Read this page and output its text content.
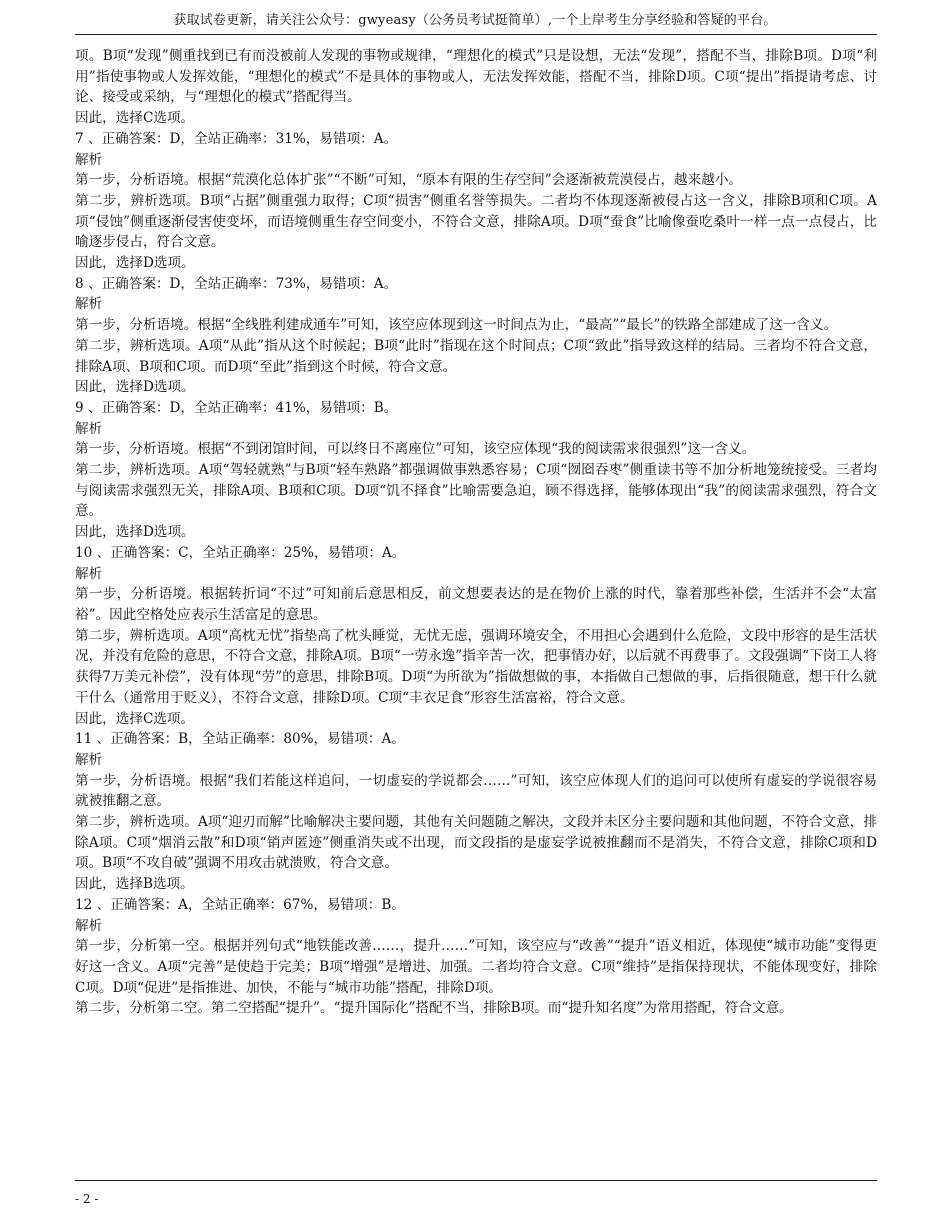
获取试卷更新，请关注公众号：gwyeasy（公务员考试挺简单）,一个上岸考生分享经验和答疑的平台。

项。B项“发现”侧重找到已有而没被前人发现的事物或规律，“理想化的模式”只是设想，无法“发现”，搭配不当，排除B项。D项“利用”指使事物或人发挥效能，“理想化的模式”不是具体的事物或人，无法发挥效能，搭配不当，排除D项。C项“提出”指提请考虑、讨论、接受或采纳，与“理想化的模式”搭配得当。

因此，选择C选项。

7 、正确答案：D，全站正确率：31%，易错项：A。

解析

第一步，分析语境。根据“荒漠化总体扩张”“不断”可知，“原本有限的生存空间”会逐渐被荒漠侵占，越来越小。

第二步，辨析选项。B项“占据”侧重强力取得；C项“损害”侧重名誉等损失。二者均不体现逐渐被侵占这一含义，排除B项和C项。A项“侵蚀”侧重逐渐侵害使变坏，而语境侧重生存空间变小，不符合文意，排除A项。D项“蚕食”比喻像蚕吃桑叶一样一点一点侵占，比喻逐步侵占，符合文意。

因此，选择D选项。

8 、正确答案：D，全站正确率：73%，易错项：A。

解析

第一步，分析语境。根据“全线胜利建成通车”可知，该空应体现到这一时间点为止，“最高”“最长”的铁路全部建成了这一含义。

第二步，辨析选项。A项“从此”指从这个时候起；B项“此时”指现在这个时间点；C项“致此”指导致这样的结局。三者均不符合文意，排除A项、B项和C项。而D项“至此”指到这个时候，符合文意。

因此，选择D选项。

9 、正确答案：D，全站正确率：41%，易错项：B。

解析

第一步，分析语境。根据“不到闭馆时间，可以终日不离座位”可知，该空应体现“我的阅读需求很强烈”这一含义。

第二步，辨析选项。A项“驾轻就熟”与B项“轻车熟路”都强调做事熟悉容易；C项“囫囵吞枣”侧重读书等不加分析地笼统接受。三者均与阅读需求强烈无关，排除A项、B项和C项。D项“饥不择食”比喻需要急迫，顾不得选择，能够体现出“我”的阅读需求强烈，符合文意。

因此，选择D选项。

10 、正确答案：C，全站正确率：25%，易错项：A。

解析

第一步，分析语境。根据转折词“不过”可知前后意思相反，前文想要表达的是在物价上涨的时代，靠着那些补偿，生活并不会“太富裕”。因此空格处应表示生活富足的意思。

第二步，辨析选项。A项“高枕无忧”指垫高了枕头睡觉，无忧无虑，强调环境安全，不用担心会遇到什么危险，文段中形容的是生活状况，并没有危险的意思，不符合文意，排除A项。B项“一劳永逸”指辛苦一次，把事情办好，以后就不再费事了。文段强调“下岗工人将获得7万美元补偿”，没有体现“劳”的意思，排除B项。D项“为所欲为”指做想做的事，本指做自己想做的事，后指很随意，想干什么就干什么（通常用于贬义），不符合文意，排除D项。C项“丰衣足食”形容生活富裕，符合文意。

因此，选择C选项。

11 、正确答案：B，全站正确率：80%，易错项：A。

解析

第一步，分析语境。根据“我们若能这样追问，一切虚妄的学说都会……”可知，该空应体现人们的追问可以使所有虚妄的学说很容易就被推翻之意。

第二步，辨析选项。A项“迎刃而解”比喻解决主要问题，其他有关问题随之解决，文段并未区分主要问题和其他问题，不符合文意，排除A项。C项“烟消云散”和D项“销声匿迹”侧重消失或不出现，而文段指的是虚妄学说被推翻而不是消失，不符合文意，排除C项和D项。B项“不攻自破”强调不用攻击就溃败，符合文意。

因此，选择B选项。

12 、正确答案：A，全站正确率：67%，易错项：B。

解析

第一步，分析第一空。根据并列句式“地铁能改善……，提升……”可知，该空应与“改善”“提升”语义相近，体现使“城市功能”变得更好这一含义。A项“完善”是使趋于完美；B项“增强”是增进、加强。二者均符合文意。C项“维持”是指保持现状，不能体现变好，排除C项。D项“促进”是指推进、加快，不能与“城市功能”搭配，排除D项。

第二步，分析第二空。第二空搭配“提升”。“提升国际化”搭配不当，排除B项。而“提升知名度”为常用搭配，符合文意。

- 2 -
